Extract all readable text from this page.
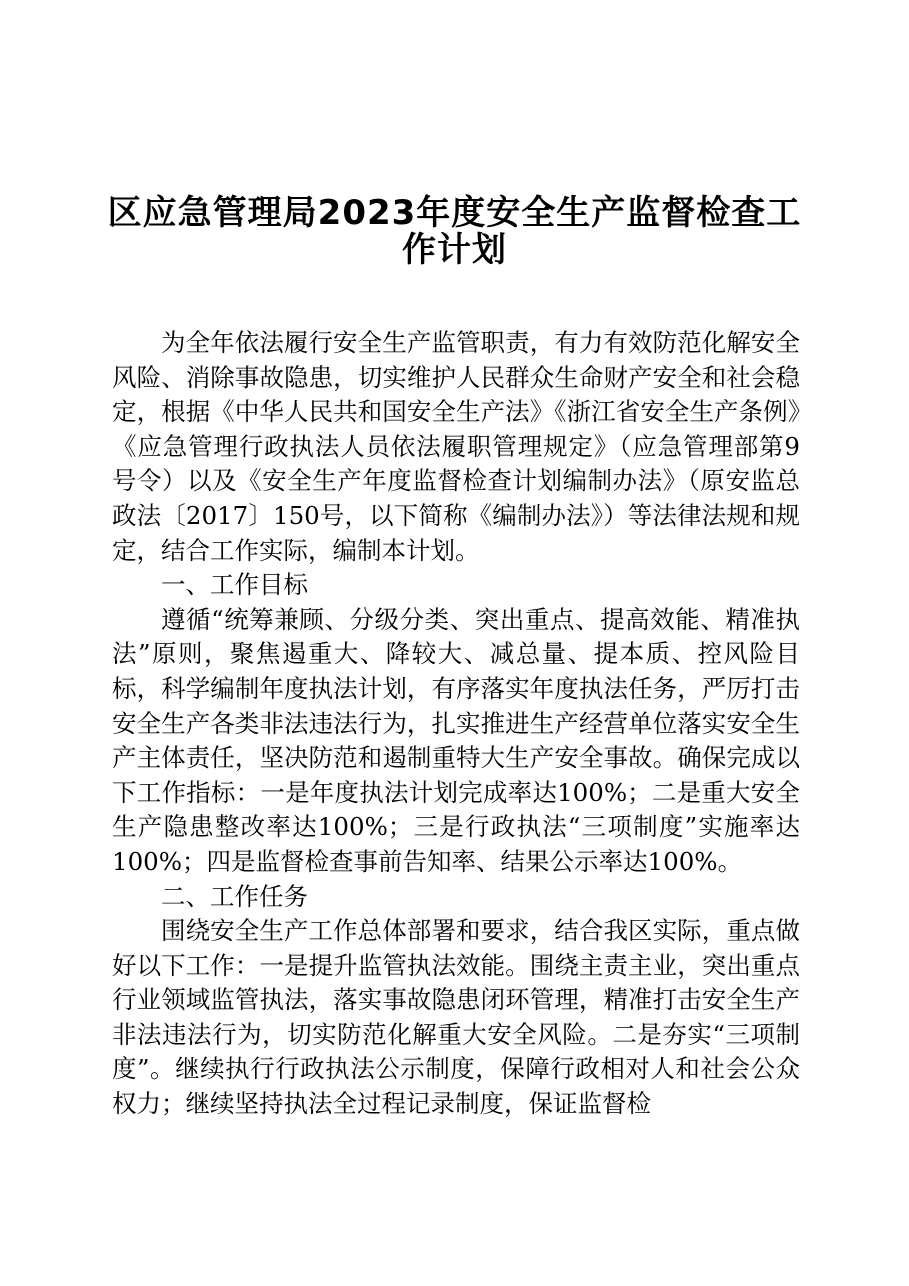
区应急管理局2023年度安全生产监督检查工
作计划

为全年依法履行安全生产监管职责，有力有效防范化解安全风险、消除事故隐患，切实维护人民群众生命财产安全和社会稳定，根据《中华人民共和国安全生产法》《浙江省安全生产条例》《应急管理行政执法人员依法履职管理规定》（应急管理部第9号令）以及《安全生产年度监督检查计划编制办法》（原安监总政法〔2017〕150号，以下简称《编制办法》）等法律法规和规定，结合工作实际，编制本计划。

一、工作目标

遵循“统筹兼顾、分级分类、突出重点、提高效能、精准执法”原则，聚焦遏重大、降较大、减总量、提本质、控风险目标，科学编制年度执法计划，有序落实年度执法任务，严厉打击安全生产各类非法违法行为，扎实推进生产经营单位落实安全生产主体责任，坚决防范和遏制重特大生产安全事故。确保完成以下工作指标：一是年度执法计划完成率达100%；二是重大安全生产隐患整改率达100%；三是行政执法“三项制度”实施率达100%；四是监督检查事前告知率、结果公示率达100%。

二、工作任务

围绕安全生产工作总体部署和要求，结合我区实际，重点做好以下工作：一是提升监管执法效能。围绕主责主业，突出重点行业领域监管执法，落实事故隐患闭环管理，精准打击安全生产非法违法行为，切实防范化解重大安全风险。二是夯实“三项制度”。继续执行行政执法公示制度，保障行政相对人和社会公众权力；继续坚持执法全过程记录制度，保证监督检
